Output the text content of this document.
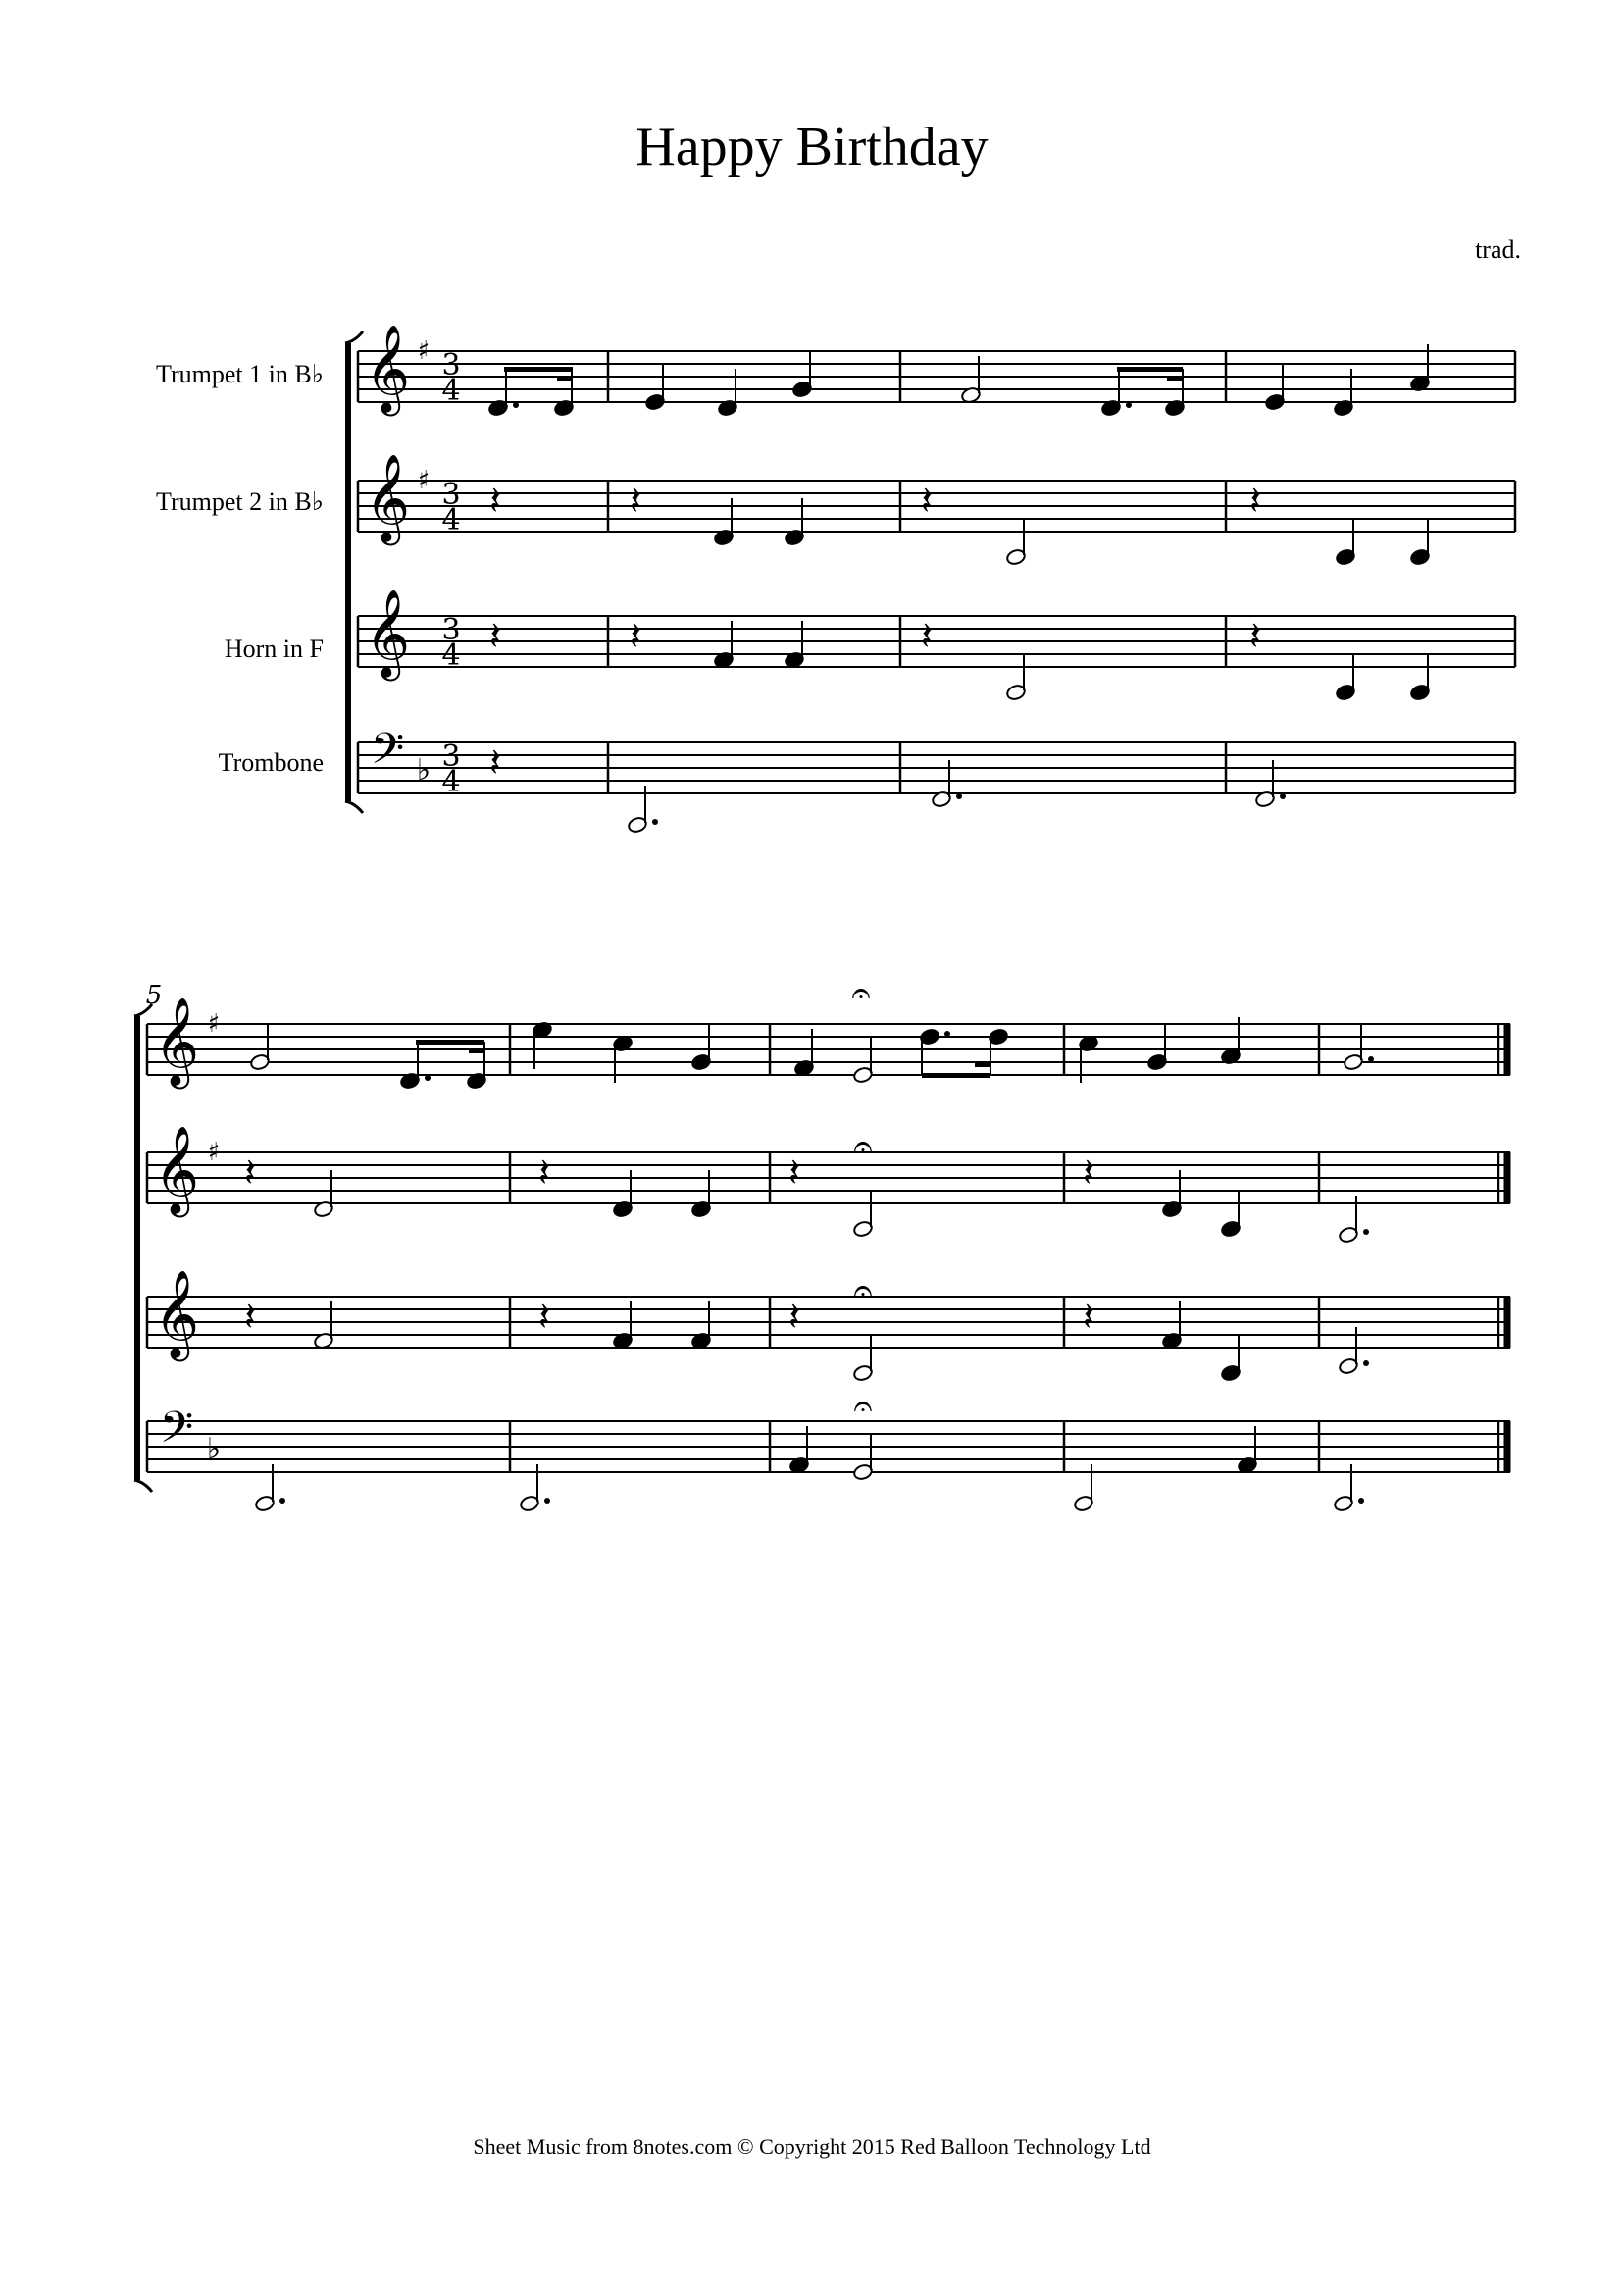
Happy Birthday
trad.
Trumpet 1 in B♭
Trumpet 2 in B♭
Horn in F
Trombone
𝄞 ♯ 3
4
𝄞 ♯ 3
4
𝄞 3
4
𝄢 ♭ 3
4
𝄽	𝄽	𝄽	𝄽
𝄽	𝄽	𝄽	𝄽
𝄽
5
𝄞 ♯
𝄞 ♯
𝄞
𝄢 ♭
𝄐
𝄽	𝄽	𝄽
𝄐
𝄽
𝄽	𝄽	𝄽
𝄐
𝄽
𝄐
Sheet Music from 8notes.com © Copyright 2015 Red Balloon Technology Ltd
